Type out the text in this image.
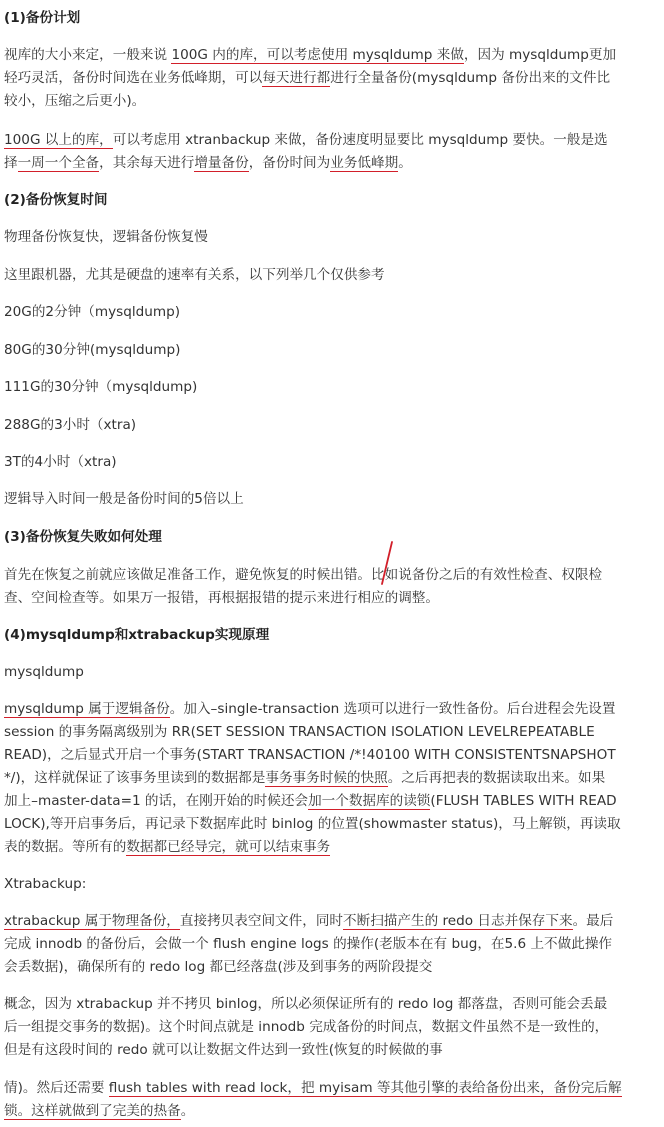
(1)备份计划
视库的大小来定，一般来说 100G 内的库，可以考虑使用 mysqldump 来做，因为 mysqldump更加
轻巧灵活，备份时间选在业务低峰期，可以每天进行都进行全量备份(mysqldump 备份出来的文件比
较小，压缩之后更小)。
100G 以上的库，可以考虑用 xtranbackup 来做，备份速度明显要比 mysqldump 要快。一般是选
择一周一个全备，其余每天进行增量备份，备份时间为业务低峰期。
(2)备份恢复时间
物理备份恢复快，逻辑备份恢复慢
这里跟机器，尤其是硬盘的速率有关系，以下列举几个仅供参考
20G的2分钟（mysqldump)
80G的30分钟(mysqldump)
111G的30分钟（mysqldump)
288G的3小时（xtra)
3T的4小时（xtra)
逻辑导入时间一般是备份时间的5倍以上
(3)备份恢复失败如何处理
首先在恢复之前就应该做足准备工作，避免恢复的时候出错。比如说备份之后的有效性检查、权限检
查、空间检查等。如果万一报错，再根据报错的提示来进行相应的调整。
(4)mysqldump和xtrabackup实现原理
mysqldump
mysqldump 属于逻辑备份。加入–single-transaction 选项可以进行一致性备份。后台进程会先设置
session 的事务隔离级别为 RR(SET SESSION TRANSACTION ISOLATION LEVELREPEATABLE
READ)，之后显式开启一个事务(START TRANSACTION /*!40100 WITH CONSISTENTSNAPSHOT
*/)，这样就保证了该事务里读到的数据都是事务事务时候的快照。之后再把表的数据读取出来。如果
加上–master-data=1 的话，在刚开始的时候还会加一个数据库的读锁(FLUSH TABLES WITH READ
LOCK),等开启事务后，再记录下数据库此时 binlog 的位置(showmaster status)，马上解锁，再读取
表的数据。等所有的数据都已经导完，就可以结束事务
Xtrabackup:
xtrabackup 属于物理备份，直接拷贝表空间文件，同时不断扫描产生的 redo 日志并保存下来。最后
完成 innodb 的备份后，会做一个 flush engine logs 的操作(老版本在有 bug，在5.6 上不做此操作
会丢数据)，确保所有的 redo log 都已经落盘(涉及到事务的两阶段提交
概念，因为 xtrabackup 并不拷贝 binlog，所以必须保证所有的 redo log 都落盘，否则可能会丢最
后一组提交事务的数据)。这个时间点就是 innodb 完成备份的时间点，数据文件虽然不是一致性的，
但是有这段时间的 redo 就可以让数据文件达到一致性(恢复的时候做的事
情)。然后还需要 flush tables with read lock，把 myisam 等其他引擎的表给备份出来，备份完后解
锁。这样就做到了完美的热备。
